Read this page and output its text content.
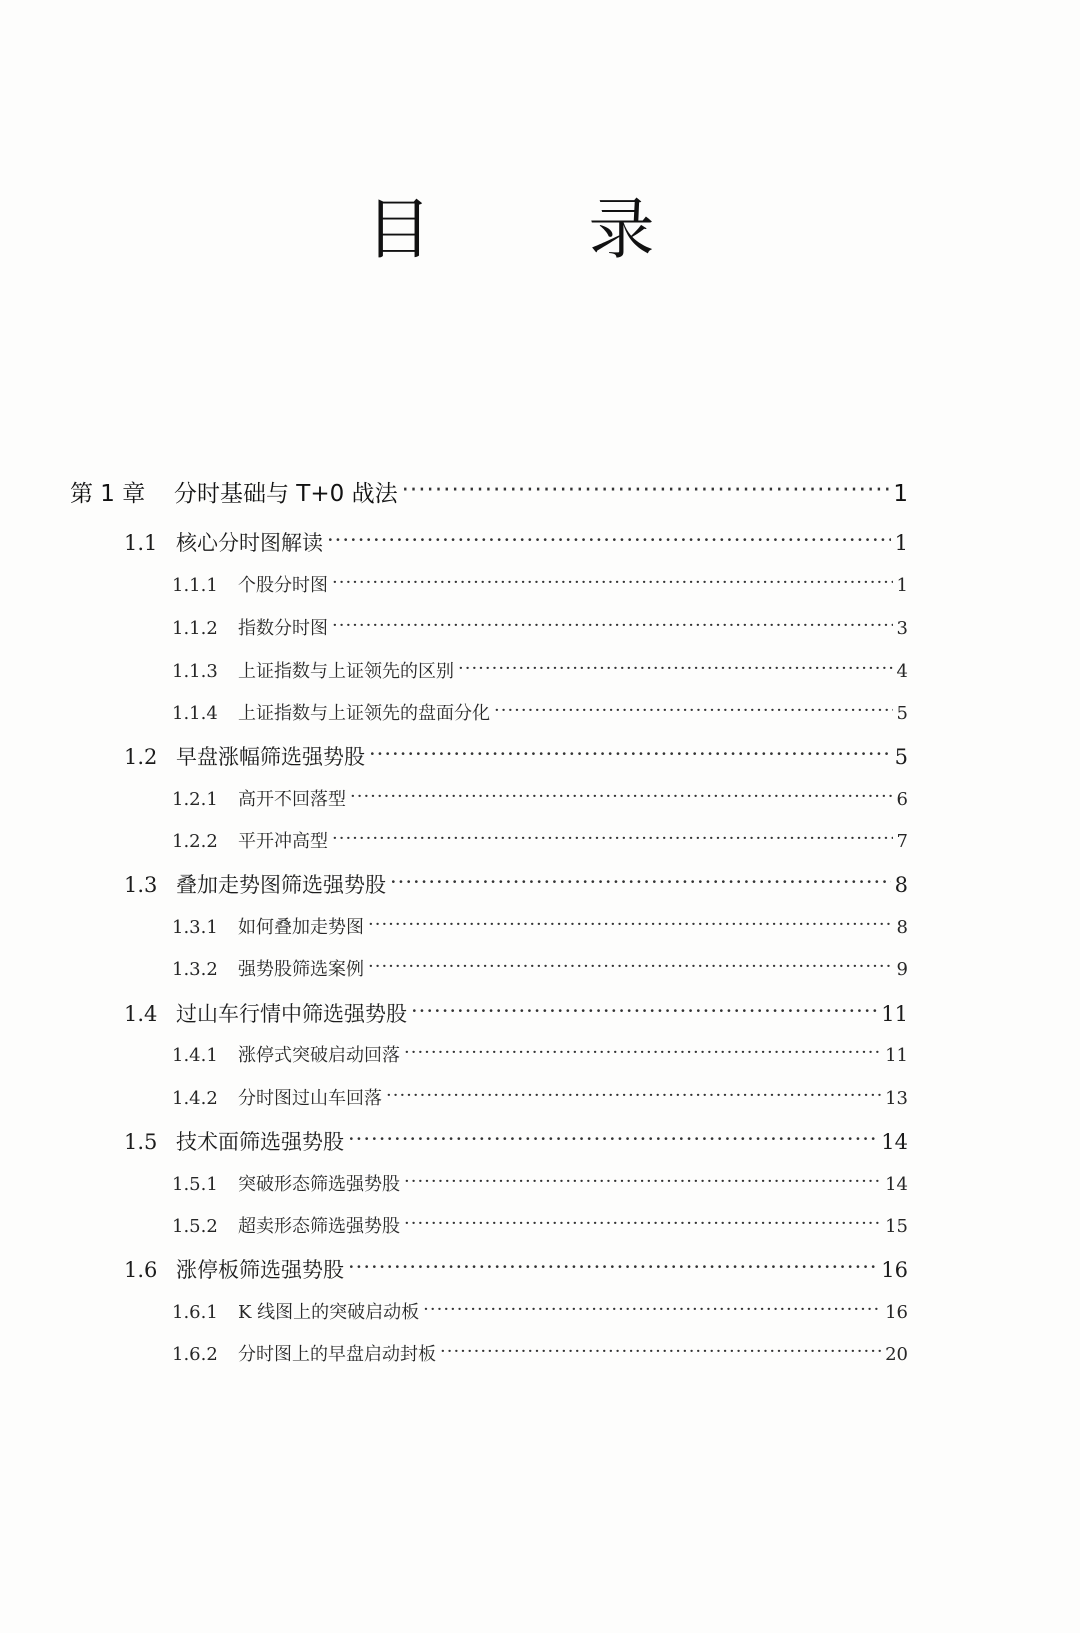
目 录
第 1 章	分时基础与 T+0 战法 ·····	1
1.1 核心分时图解读 ·····	1
1.1.1	个股分时图 ·····	1
1.1.2	指数分时图 ·····	3
1.1.3	上证指数与上证领先的区别 ·····	4
1.1.4	上证指数与上证领先的盘面分化 ·····	5
1.2 早盘涨幅筛选强势股 ·····	5
1.2.1	高开不回落型 ·····	6
1.2.2	平开冲高型 ·····	7
1.3 叠加走势图筛选强势股 ·····	8
1.3.1	如何叠加走势图 ·····	8
1.3.2	强势股筛选案例 ·····	9
1.4 过山车行情中筛选强势股 ·····	11
1.4.1	涨停式突破启动回落 ·····	11
1.4.2	分时图过山车回落 ·····	13
1.5 技术面筛选强势股 ·····	14
1.5.1	突破形态筛选强势股 ·····	14
1.5.2	超卖形态筛选强势股 ·····	15
1.6 涨停板筛选强势股 ·····	16
1.6.1	K 线图上的突破启动板 ·····	16
1.6.2	分时图上的早盘启动封板 ·····	20
